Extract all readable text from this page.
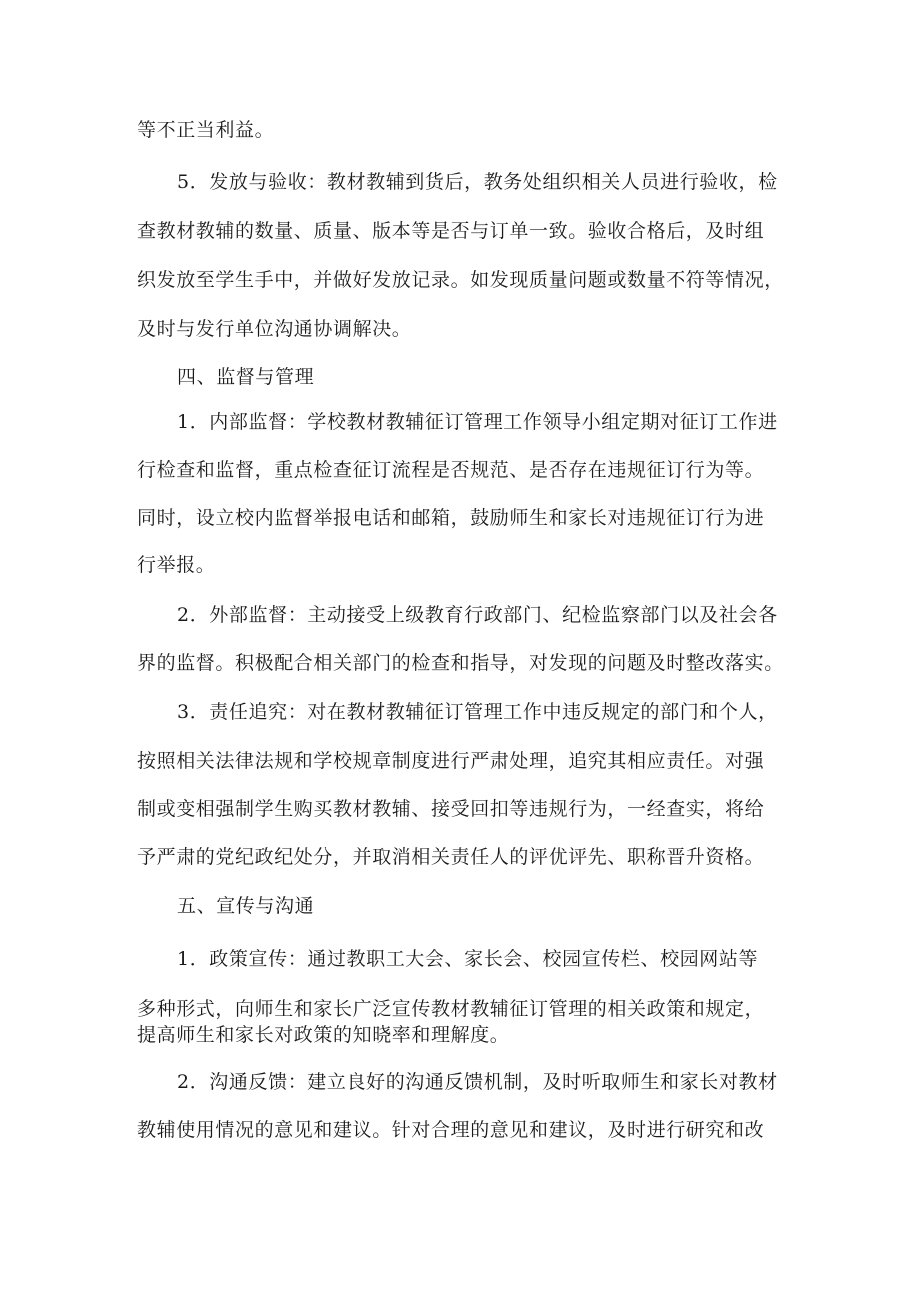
等不正当利益。
5．发放与验收：教材教辅到货后，教务处组织相关人员进行验收，检
查教材教辅的数量、质量、版本等是否与订单一致。验收合格后，及时组
织发放至学生手中，并做好发放记录。如发现质量问题或数量不符等情况，
及时与发行单位沟通协调解决。
四、监督与管理
1．内部监督：学校教材教辅征订管理工作领导小组定期对征订工作进
行检查和监督，重点检查征订流程是否规范、是否存在违规征订行为等。
同时，设立校内监督举报电话和邮箱，鼓励师生和家长对违规征订行为进
行举报。
2．外部监督：主动接受上级教育行政部门、纪检监察部门以及社会各
界的监督。积极配合相关部门的检查和指导，对发现的问题及时整改落实。
3．责任追究：对在教材教辅征订管理工作中违反规定的部门和个人，
按照相关法律法规和学校规章制度进行严肃处理，追究其相应责任。对强
制或变相强制学生购买教材教辅、接受回扣等违规行为，一经查实，将给
予严肃的党纪政纪处分，并取消相关责任人的评优评先、职称晋升资格。
五、宣传与沟通
1．政策宣传：通过教职工大会、家长会、校园宣传栏、校园网站等
多种形式，向师生和家长广泛宣传教材教辅征订管理的相关政策和规定，
提高师生和家长对政策的知晓率和理解度。
2．沟通反馈：建立良好的沟通反馈机制，及时听取师生和家长对教材
教辅使用情况的意见和建议。针对合理的意见和建议，及时进行研究和改
